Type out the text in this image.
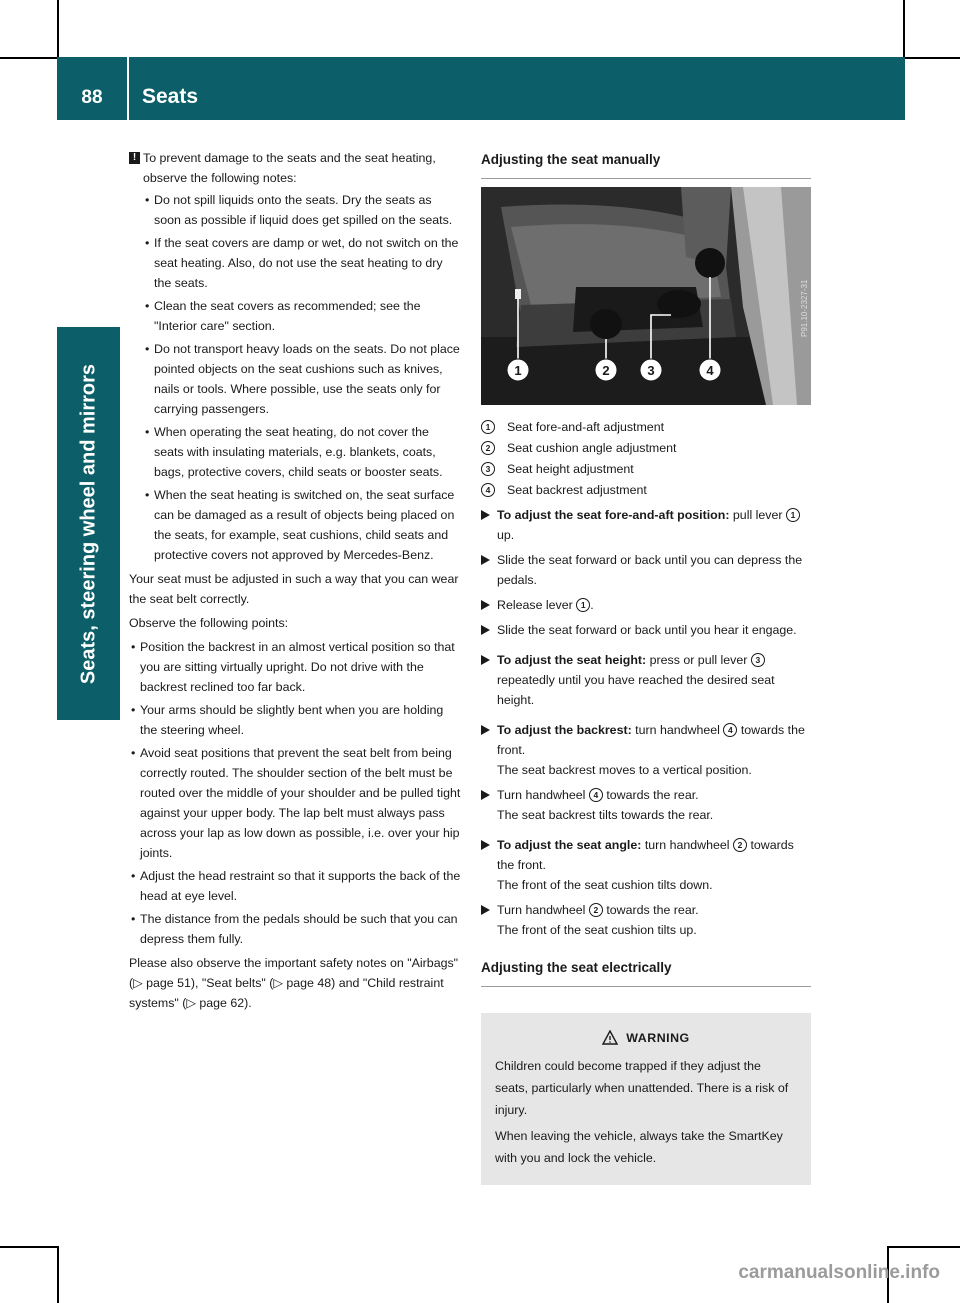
88	Seats
Seats, steering wheel and mirrors
! To prevent damage to the seats and the seat heating, observe the following notes:
• Do not spill liquids onto the seats. Dry the seats as soon as possible if liquid does get spilled on the seats.
• If the seat covers are damp or wet, do not switch on the seat heating. Also, do not use the seat heating to dry the seats.
• Clean the seat covers as recommended; see the "Interior care" section.
• Do not transport heavy loads on the seats. Do not place pointed objects on the seat cushions such as knives, nails or tools. Where possible, use the seats only for carrying passengers.
• When operating the seat heating, do not cover the seats with insulating materials, e.g. blankets, coats, bags, protective covers, child seats or booster seats.
• When the seat heating is switched on, the seat surface can be damaged as a result of objects being placed on the seats, for example, seat cushions, child seats and protective covers not approved by Mercedes-Benz.

Your seat must be adjusted in such a way that you can wear the seat belt correctly.

Observe the following points:

• Position the backrest in an almost vertical position so that you are sitting virtually upright. Do not drive with the backrest reclined too far back.
• Your arms should be slightly bent when you are holding the steering wheel.
• Avoid seat positions that prevent the seat belt from being correctly routed. The shoulder section of the belt must be routed over the middle of your shoulder and be pulled tight against your upper body. The lap belt must always pass across your lap as low down as possible, i.e. over your hip joints.
• Adjust the head restraint so that it supports the back of the head at eye level.
• The distance from the pedals should be such that you can depress them fully.

Please also observe the important safety notes on "Airbags" (▷ page 51), "Seat belts" (▷ page 48) and "Child restraint systems" (▷ page 62).

Adjusting the seat manually
1	2	3	4
P91.10-2327-31
1	Seat fore-and-aft adjustment
2	Seat cushion angle adjustment
3	Seat height adjustment
4	Seat backrest adjustment
To adjust the seat fore-and-aft position: pull lever 1 up.
Slide the seat forward or back until you can depress the pedals.
Release lever 1 .
Slide the seat forward or back until you hear it engage.
To adjust the seat height: press or pull lever 3 repeatedly until you have reached the desired seat height.
To adjust the backrest: turn handwheel 4 towards the front.
The seat backrest moves to a vertical position.
Turn handwheel 4 towards the rear.
The seat backrest tilts towards the rear.
To adjust the seat angle: turn handwheel 2 towards the front.
The front of the seat cushion tilts down.
Turn handwheel 2 towards the rear.
The front of the seat cushion tilts up.
Adjusting the seat electrically
WARNING

Children could become trapped if they adjust the seats, particularly when unattended. There is a risk of injury.

When leaving the vehicle, always take the SmartKey with you and lock the vehicle.

carmanualsonline.info
